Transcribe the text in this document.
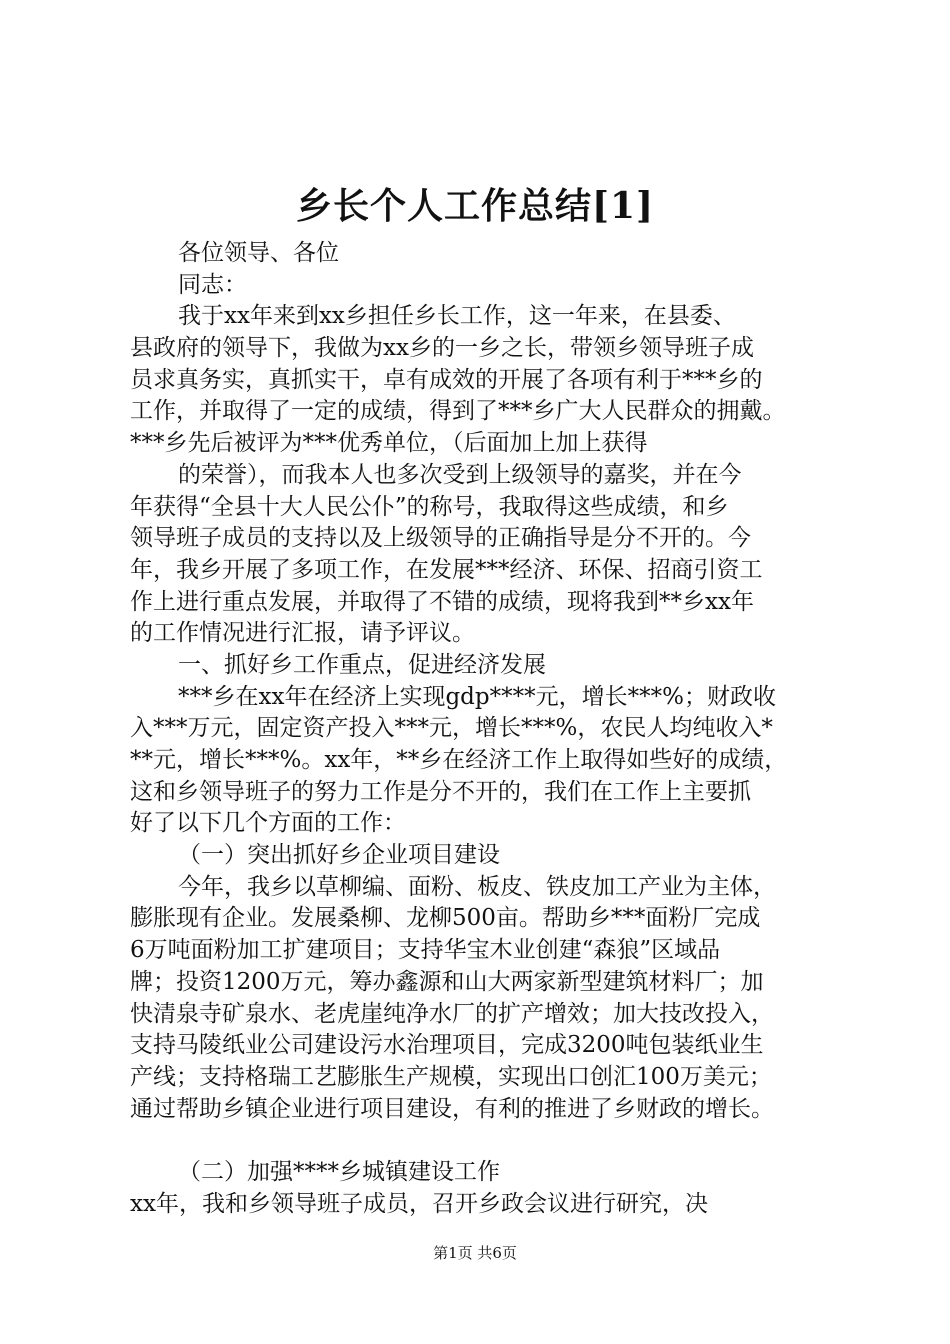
乡长个人工作总结[1]
各位领导、各位
同志：
我于xx年来到xx乡担任乡长工作，这一年来，在县委、
县政府的领导下，我做为xx乡的一乡之长，带领乡领导班子成
员求真务实，真抓实干，卓有成效的开展了各项有利于***乡的
工作，并取得了一定的成绩，得到了***乡广大人民群众的拥戴。
***乡先后被评为***优秀单位，（后面加上加上获得
的荣誉），而我本人也多次受到上级领导的嘉奖，并在今
年获得“全县十大人民公仆”的称号，我取得这些成绩，和乡
领导班子成员的支持以及上级领导的正确指导是分不开的。今
年，我乡开展了多项工作，在发展***经济、环保、招商引资工
作上进行重点发展，并取得了不错的成绩，现将我到**乡xx年
的工作情况进行汇报，请予评议。
一、抓好乡工作重点，促进经济发展
***乡在xx年在经济上实现gdp****元，增长***%；财政收
入***万元，固定资产投入***元，增长***%，农民人均纯收入*
**元，增长***%。xx年，**乡在经济工作上取得如些好的成绩，
这和乡领导班子的努力工作是分不开的，我们在工作上主要抓
好了以下几个方面的工作：
（一）突出抓好乡企业项目建设
今年，我乡以草柳编、面粉、板皮、铁皮加工产业为主体，
膨胀现有企业。发展桑柳、龙柳500亩。帮助乡***面粉厂完成
6万吨面粉加工扩建项目；支持华宝木业创建“森狼”区域品
牌；投资1200万元，筹办鑫源和山大两家新型建筑材料厂；加
快清泉寺矿泉水、老虎崖纯净水厂的扩产增效；加大技改投入，
支持马陵纸业公司建设污水治理项目，完成3200吨包装纸业生
产线；支持格瑞工艺膨胀生产规模，实现出口创汇100万美元；
通过帮助乡镇企业进行项目建设，有利的推进了乡财政的增长。
（二）加强****乡城镇建设工作
xx年，我和乡领导班子成员，召开乡政会议进行研究，决
第1页 共6页
